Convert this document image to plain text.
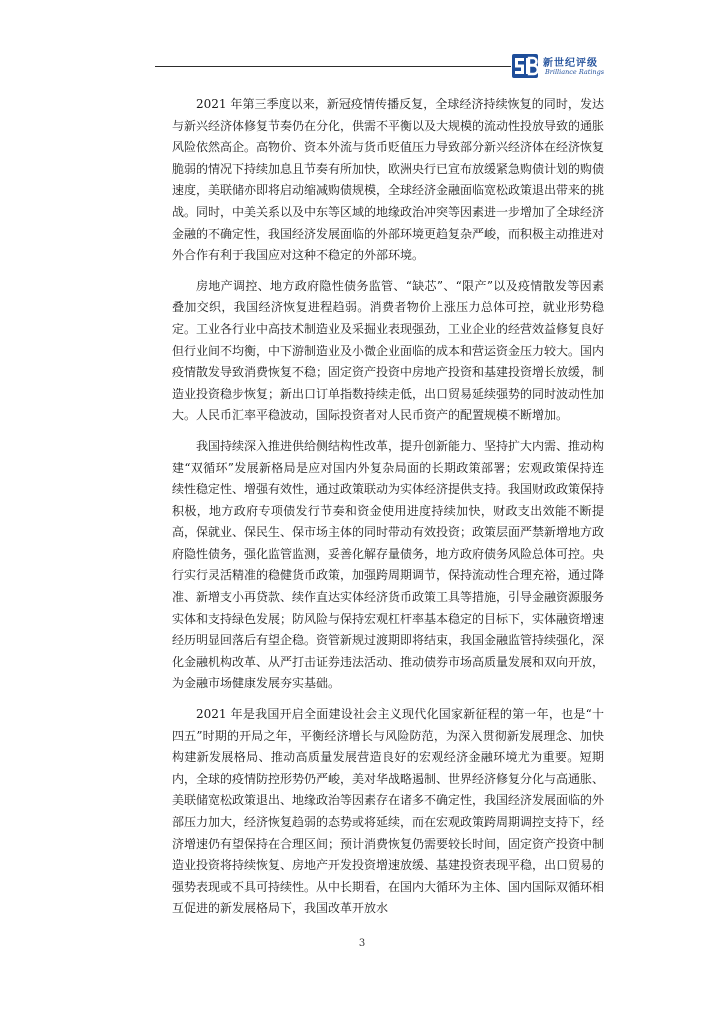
新世纪评级
Brilliance Ratings

2021 年第三季度以来，新冠疫情传播反复，全球经济持续恢复的同时，发达与新兴经济体修复节奏仍在分化，供需不平衡以及大规模的流动性投放导致的通胀风险依然高企。高物价、资本外流与货币贬值压力导致部分新兴经济体在经济恢复脆弱的情况下持续加息且节奏有所加快，欧洲央行已宣布放缓紧急购债计划的购债速度，美联储亦即将启动缩减购债规模，全球经济金融面临宽松政策退出带来的挑战。同时，中美关系以及中东等区域的地缘政治冲突等因素进一步增加了全球经济金融的不确定性，我国经济发展面临的外部环境更趋复杂严峻，而积极主动推进对外合作有利于我国应对这种不稳定的外部环境。

房地产调控、地方政府隐性债务监管、“缺芯”、“限产”以及疫情散发等因素叠加交织，我国经济恢复进程趋弱。消费者物价上涨压力总体可控，就业形势稳定。工业各行业中高技术制造业及采掘业表现强劲，工业企业的经营效益修复良好但行业间不均衡，中下游制造业及小微企业面临的成本和营运资金压力较大。国内疫情散发导致消费恢复不稳；固定资产投资中房地产投资和基建投资增长放缓，制造业投资稳步恢复；新出口订单指数持续走低，出口贸易延续强势的同时波动性加大。人民币汇率平稳波动，国际投资者对人民币资产的配置规模不断增加。

我国持续深入推进供给侧结构性改革，提升创新能力、坚持扩大内需、推动构建“双循环”发展新格局是应对国内外复杂局面的长期政策部署；宏观政策保持连续性稳定性、增强有效性，通过政策联动为实体经济提供支持。我国财政政策保持积极，地方政府专项债发行节奏和资金使用进度持续加快，财政支出效能不断提高，保就业、保民生、保市场主体的同时带动有效投资；政策层面严禁新增地方政府隐性债务，强化监管监测，妥善化解存量债务，地方政府债务风险总体可控。央行实行灵活精准的稳健货币政策，加强跨周期调节，保持流动性合理充裕，通过降准、新增支小再贷款、续作直达实体经济货币政策工具等措施，引导金融资源服务实体和支持绿色发展；防风险与保持宏观杠杆率基本稳定的目标下，实体融资增速经历明显回落后有望企稳。资管新规过渡期即将结束，我国金融监管持续强化，深化金融机构改革、从严打击证券违法活动、推动债券市场高质量发展和双向开放，为金融市场健康发展夯实基础。

2021 年是我国开启全面建设社会主义现代化国家新征程的第一年，也是“十四五”时期的开局之年，平衡经济增长与风险防范，为深入贯彻新发展理念、加快构建新发展格局、推动高质量发展营造良好的宏观经济金融环境尤为重要。短期内，全球的疫情防控形势仍严峻，美对华战略遏制、世界经济修复分化与高通胀、美联储宽松政策退出、地缘政治等因素存在诸多不确定性，我国经济发展面临的外部压力加大，经济恢复趋弱的态势或将延续，而在宏观政策跨周期调控支持下，经济增速仍有望保持在合理区间；预计消费恢复仍需要较长时间，固定资产投资中制造业投资将持续恢复、房地产开发投资增速放缓、基建投资表现平稳，出口贸易的强势表现或不具可持续性。从中长期看，在国内大循环为主体、国内国际双循环相互促进的新发展格局下，我国改革开放水

3
